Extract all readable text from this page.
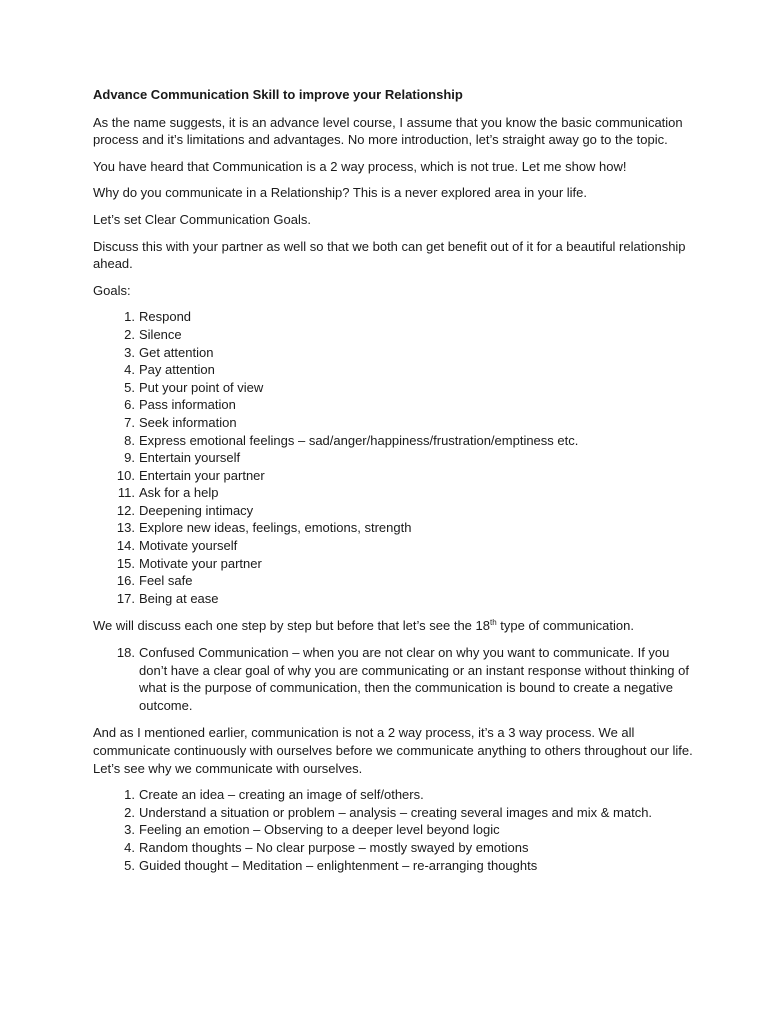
Advance Communication Skill to improve your Relationship

As the name suggests, it is an advance level course, I assume that you know the basic communication process and it’s limitations and advantages. No more introduction, let’s straight away go to the topic.

You have heard that Communication is a 2 way process, which is not true. Let me show how!

Why do you communicate in a Relationship? This is a never explored area in your life.

Let’s set Clear Communication Goals.

Discuss this with your partner as well so that we both can get benefit out of it for a beautiful relationship ahead.

Goals:

1. Respond
2. Silence
3. Get attention
4. Pay attention
5. Put your point of view
6. Pass information
7. Seek information
8. Express emotional feelings – sad/anger/happiness/frustration/emptiness etc.
9. Entertain yourself
10. Entertain your partner
11. Ask for a help
12. Deepening intimacy
13. Explore new ideas, feelings, emotions, strength
14. Motivate yourself
15. Motivate your partner
16. Feel safe
17. Being at ease

We will discuss each one step by step but before that let’s see the 18th type of communication.

18. Confused Communication – when you are not clear on why you want to communicate. If you don’t have a clear goal of why you are communicating or an instant response without thinking of what is the purpose of communication, then the communication is bound to create a negative outcome.

And as I mentioned earlier, communication is not a 2 way process, it’s a 3 way process. We all communicate continuously with ourselves before we communicate anything to others throughout our life. Let’s see why we communicate with ourselves.

1. Create an idea – creating an image of self/others.
2. Understand a situation or problem – analysis – creating several images and mix & match.
3. Feeling an emotion – Observing to a deeper level beyond logic
4. Random thoughts – No clear purpose – mostly swayed by emotions
5. Guided thought – Meditation – enlightenment – re-arranging thoughts
